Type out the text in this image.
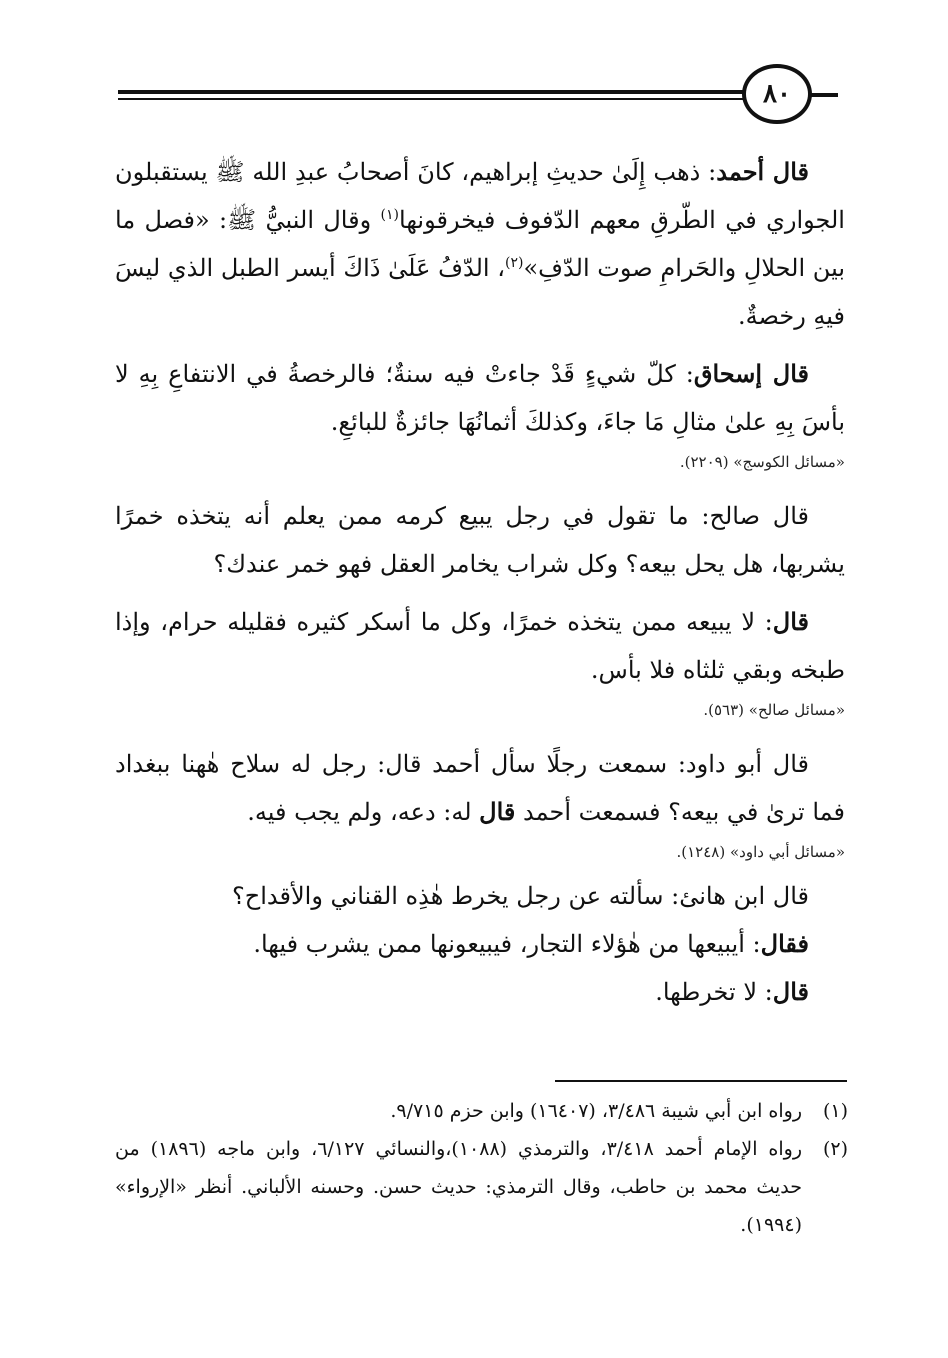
٨٠

قال أحمد: ذهب إِلَىٰ حديثِ إبراهيم، كانَ أصحابُ عبدِ الله ﷺ يستقبلون الجواري في الطّرقِ معهم الدّفوف فيخرقونها$^{(١)}$ وقال النبيُّ ﷺ: «فصل ما بين الحلالِ والحَرامِ صوت الدّفِ»$^{(٢)}$، الدّفُ عَلَىٰ ذَاكَ أيسر الطبل الذي ليسَ فيهِ رخصةٌ.

قال إسحاق: كلّ شيءٍ قَدْ جاءتْ فيه سنةٌ؛ فالرخصةُ في الانتفاعِ بِهِ لا بأسَ بِهِ علىٰ مثالِ مَا جاءَ، وكذلكَ أثمانُهَا جائزةٌ للبائعِ.

«مسائل الكوسج» (٢٢٠٩).

قال صالح: ما تقول في رجل يبيع كرمه ممن يعلم أنه يتخذه خمرًا يشربها، هل يحل بيعه؟ وكل شراب يخامر العقل فهو خمر عندك؟

قال: لا يبيعه ممن يتخذه خمرًا، وكل ما أسكر كثيره فقليله حرام، وإذا طبخه وبقي ثلثاه فلا بأس.

«مسائل صالح» (٥٦٣).

قال أبو داود: سمعت رجلًا سأل أحمد قال: رجل له سلاح هٰهنا ببغداد فما ترىٰ في بيعه؟ فسمعت أحمد قال له: دعه، ولم يجب فيه.

«مسائل أبي داود» (١٢٤٨).

قال ابن هانئ: سألته عن رجل يخرط هٰذِه القناني والأقداح؟

فقال: أيبيعها من هٰؤلاء التجار، فيبيعونها ممن يشرب فيها.

قال: لا تخرطها.

(١)
رواه ابن أبي شيبة ٣/٤٨٦، (١٦٤٠٧) وابن حزم ٩/٧١٥.
(٢)
رواه الإمام أحمد ٣/٤١٨، والترمذي (١٠٨٨)،والنسائي ٦/١٢٧، وابن ماجه (١٨٩٦) من حديث محمد بن حاطب، وقال الترمذي: حديث حسن. وحسنه الألباني. أنظر «الإرواء» (١٩٩٤).
